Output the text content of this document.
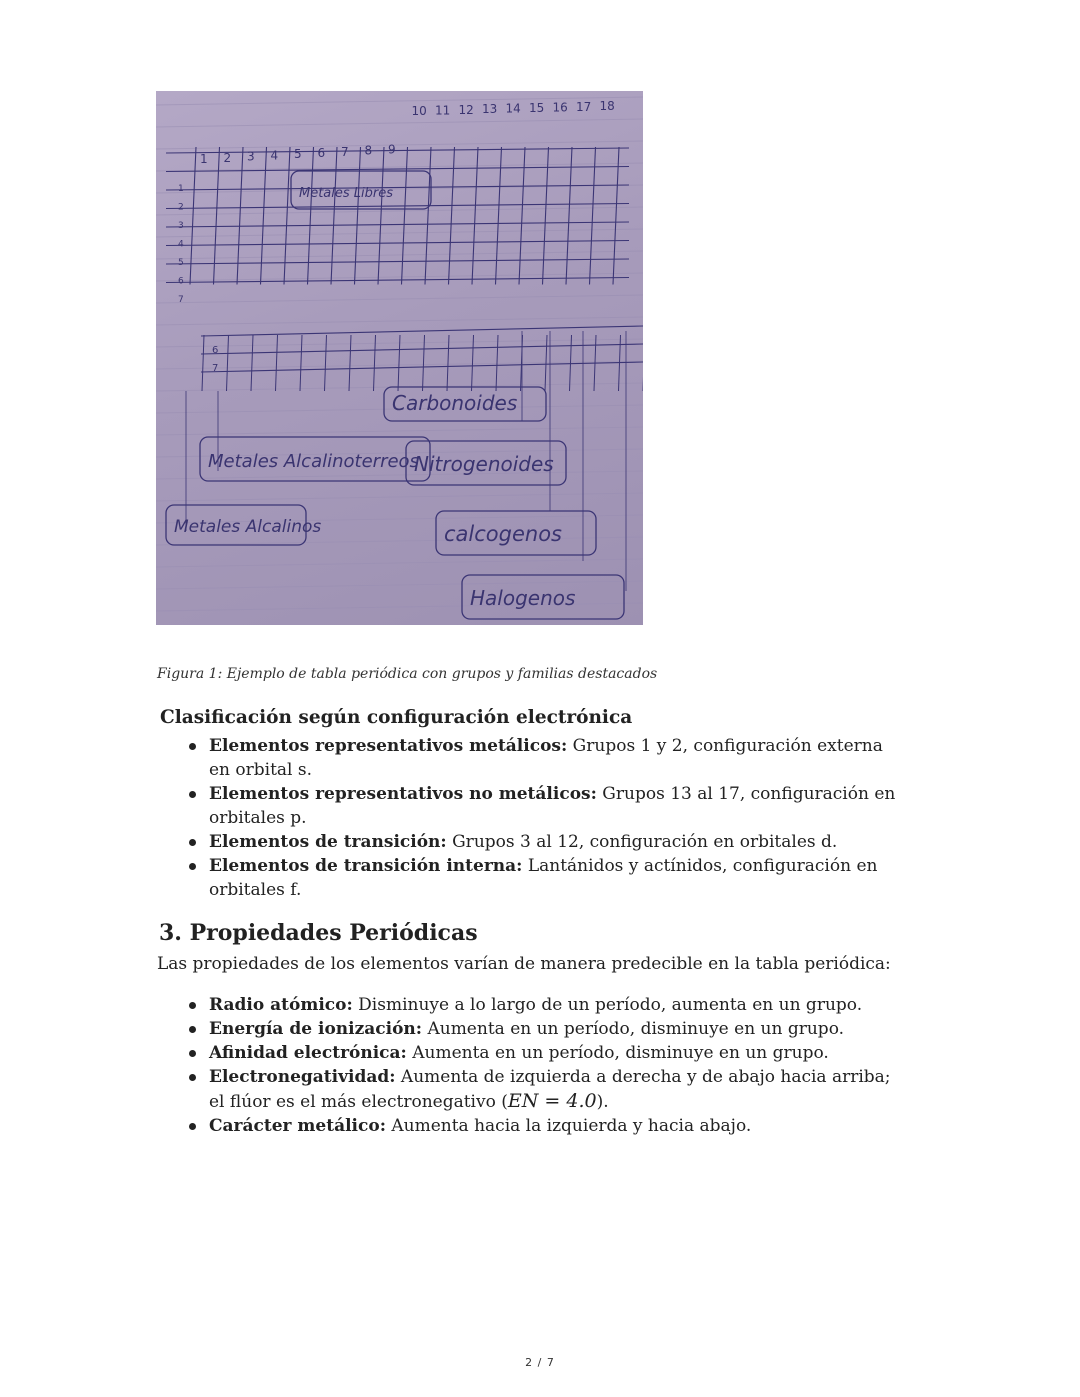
1 2 3 4 5 6 7 8 9
10 11 12 13 14 15 16 17 18
1
2
3
4
5
6
7
6
7
Metales Libres
Carbonoides
Metales Alcalinoterreos
Nitrogenoides
Metales Alcalinos	calcogenos
Halogenos
Figura 1: Ejemplo de tabla periódica con grupos y familias destacados
Clasificación según configuración electrónica
Elementos representativos metálicos: Grupos 1 y 2, configuración externa en orbital s.
Elementos representativos no metálicos: Grupos 13 al 17, configuración en orbitales p.
Elementos de transición: Grupos 3 al 12, configuración en orbitales d.
Elementos de transición interna: Lantánidos y actínidos, configuración en orbitales f.
3. Propiedades Periódicas
Las propiedades de los elementos varían de manera predecible en la tabla periódica:
Radio atómico: Disminuye a lo largo de un período, aumenta en un grupo.
Energía de ionización: Aumenta en un período, disminuye en un grupo.
Afinidad electrónica: Aumenta en un período, disminuye en un grupo.
Electronegatividad: Aumenta de izquierda a derecha y de abajo hacia arriba; el flúor es el más electronegativo (EN = 4.0).
Carácter metálico: Aumenta hacia la izquierda y hacia abajo.
2 / 7
